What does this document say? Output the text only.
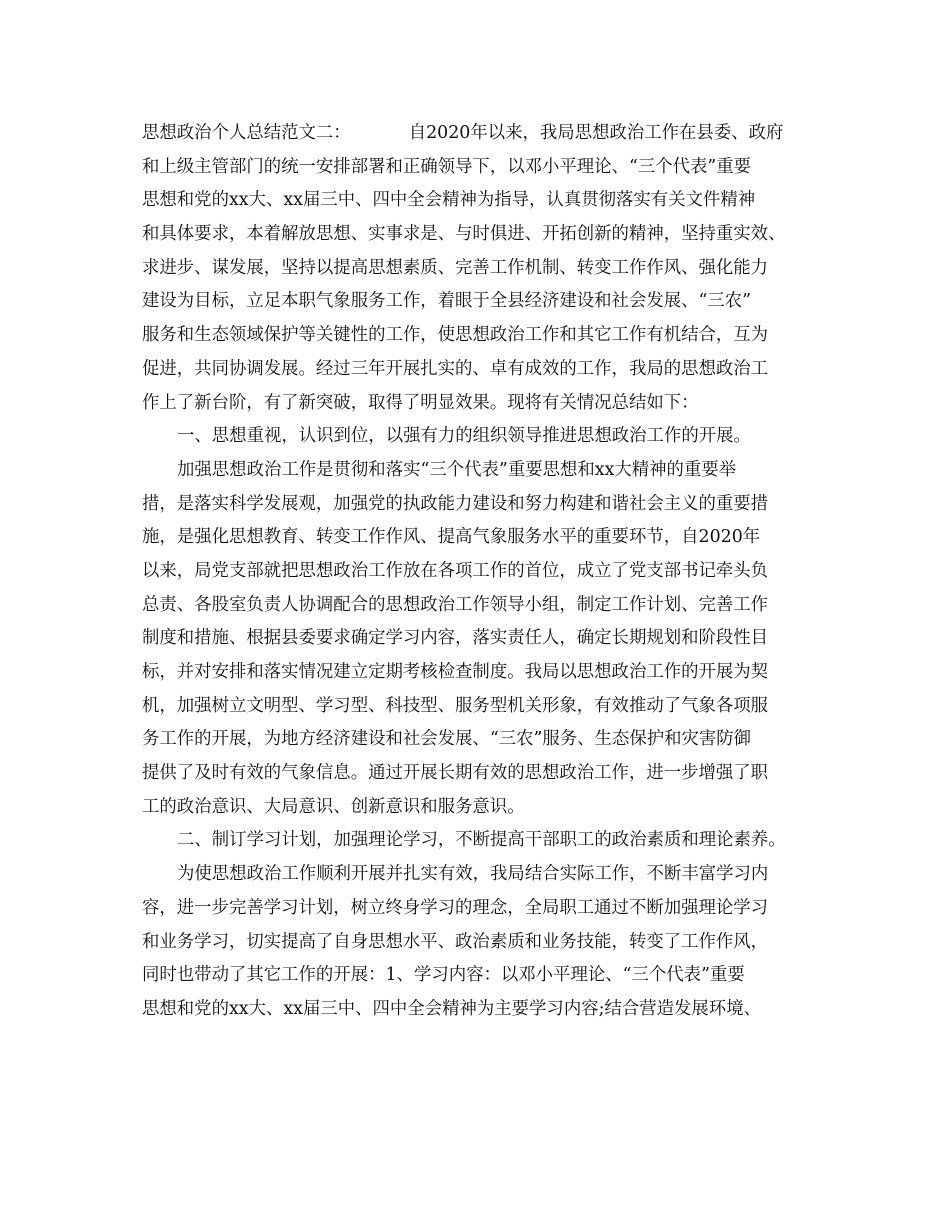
思想政治个人总结范文二：	自2020年以来，我局思想政治工作在县委、政府
和上级主管部门的统一安排部署和正确领导下，以邓小平理论、“三个代表”重要
思想和党的xx大、xx届三中、四中全会精神为指导，认真贯彻落实有关文件精神
和具体要求，本着解放思想、实事求是、与时俱进、开拓创新的精神，坚持重实效、
求进步、谋发展，坚持以提高思想素质、完善工作机制、转变工作作风、强化能力
建设为目标，立足本职气象服务工作，着眼于全县经济建设和社会发展、“三农”
服务和生态领域保护等关键性的工作，使思想政治工作和其它工作有机结合，互为
促进，共同协调发展。经过三年开展扎实的、卓有成效的工作，我局的思想政治工
作上了新台阶，有了新突破，取得了明显效果。现将有关情况总结如下：
一、思想重视，认识到位，以强有力的组织领导推进思想政治工作的开展。
加强思想政治工作是贯彻和落实“三个代表”重要思想和xx大精神的重要举
措，是落实科学发展观，加强党的执政能力建设和努力构建和谐社会主义的重要措
施，是强化思想教育、转变工作作风、提高气象服务水平的重要环节，自2020年
以来，局党支部就把思想政治工作放在各项工作的首位，成立了党支部书记牵头负
总责、各股室负责人协调配合的思想政治工作领导小组，制定工作计划、完善工作
制度和措施、根据县委要求确定学习内容，落实责任人，确定长期规划和阶段性目
标，并对安排和落实情况建立定期考核检查制度。我局以思想政治工作的开展为契
机，加强树立文明型、学习型、科技型、服务型机关形象，有效推动了气象各项服
务工作的开展，为地方经济建设和社会发展、“三农”服务、生态保护和灾害防御
提供了及时有效的气象信息。通过开展长期有效的思想政治工作，进一步增强了职
工的政治意识、大局意识、创新意识和服务意识。
二、制订学习计划，加强理论学习，不断提高干部职工的政治素质和理论素养。
为使思想政治工作顺利开展并扎实有效，我局结合实际工作，不断丰富学习内
容，进一步完善学习计划，树立终身学习的理念，全局职工通过不断加强理论学习
和业务学习，切实提高了自身思想水平、政治素质和业务技能，转变了工作作风，
同时也带动了其它工作的开展：1、学习内容：以邓小平理论、“三个代表”重要
思想和党的xx大、xx届三中、四中全会精神为主要学习内容;结合营造发展环境、
